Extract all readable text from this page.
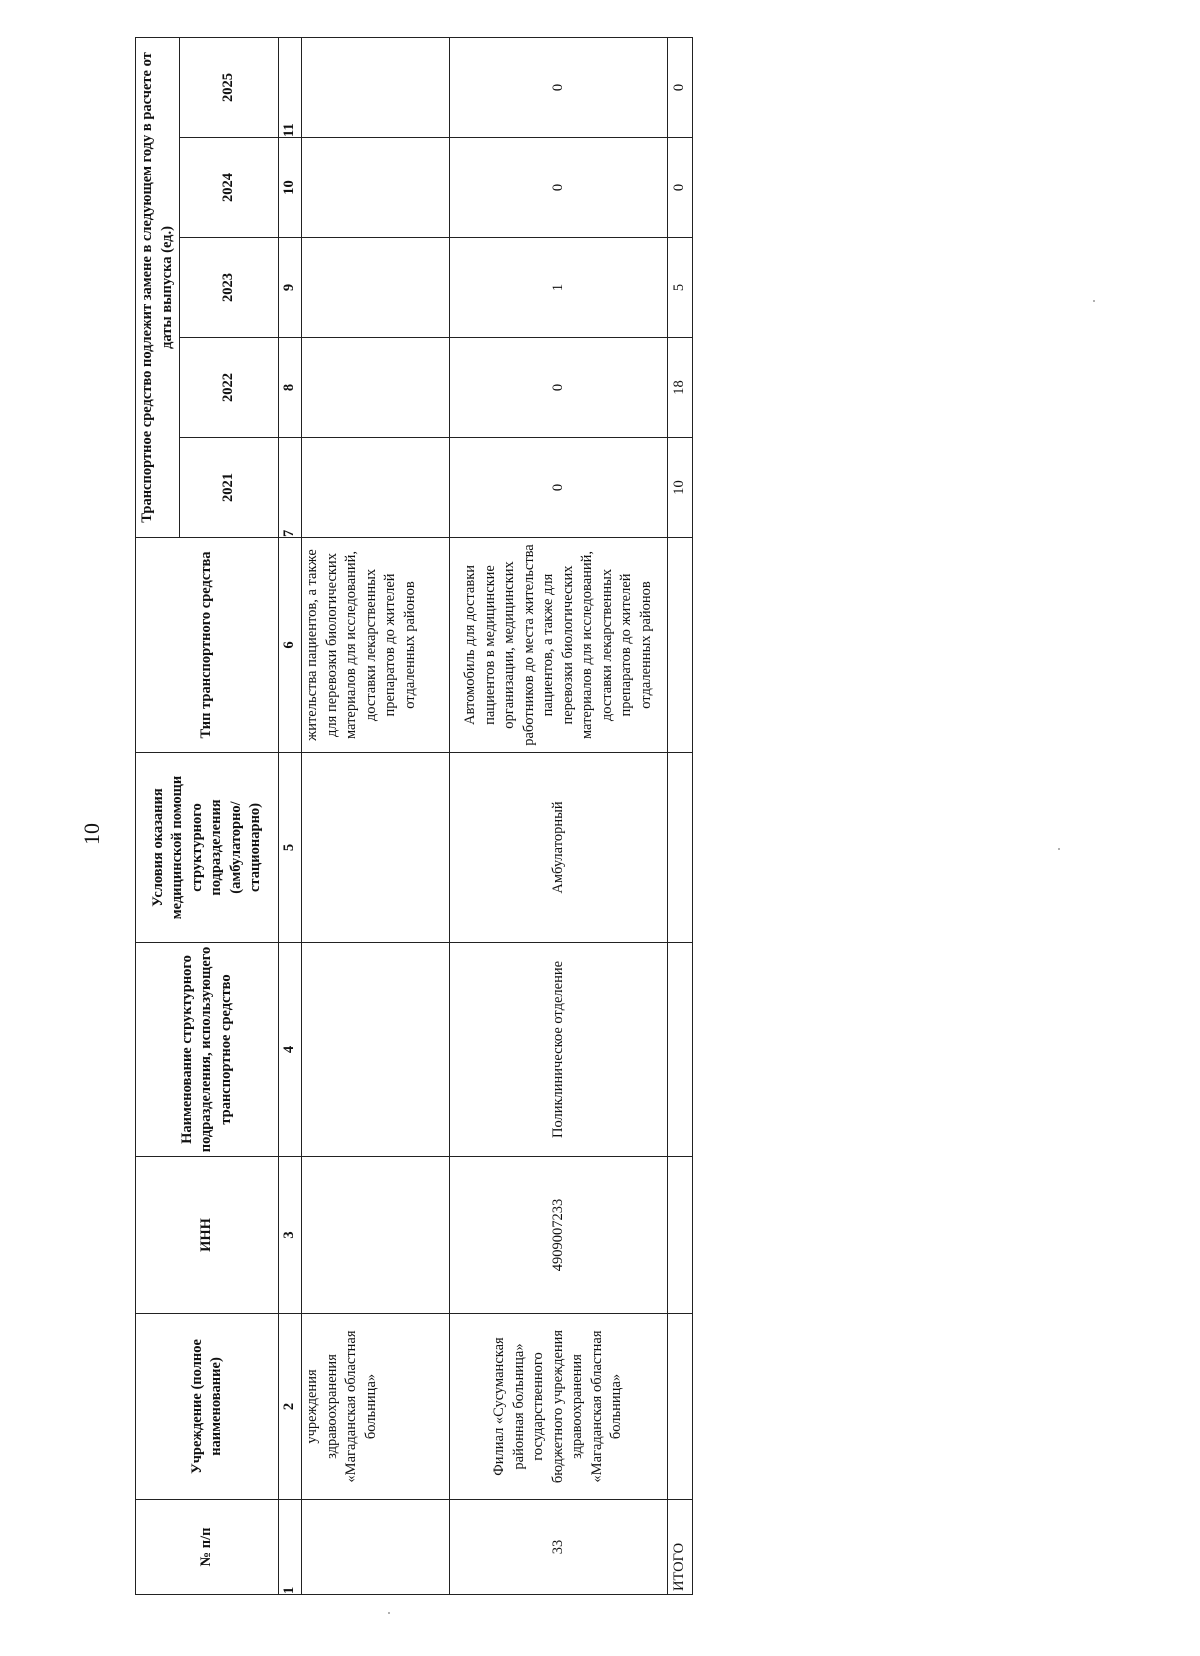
10
№ п/п	Учреждение (полное наименование)	ИНН	Наименование структурного подразделения, использующего транспортное средство	Условия оказания медицинской помощи структурного подразделения (амбулаторно/ стационарно)	Тип транспортного средства	Транспортное средство подлежит замене в следующем году в расчете от даты выпуска (ед.)				
						2021	2022	2023	2024	2025
1	2	3	4	5	6	7	8	9	10	11
	учреждения здравоохранения «Магаданская областная больница»				жительства пациентов, а также для перевозки биологических материалов для исследований, доставки лекарственных препаратов до жителей отдаленных районов					
33	Филиал «Сусуманская районная больница» государственного бюджетного учреждения здравоохранения «Магаданская областная больница»	4909007233	Поликлиническое отделение	Амбулаторный	Автомобиль для доставки пациентов в медицинские организации, медицинских работников до места жительства пациентов, а также для перевозки биологических материалов для исследований, доставки лекарственных препаратов до жителей отдаленных районов	0	0	1	0	0
ИТОГО						10	18	5	0	0
